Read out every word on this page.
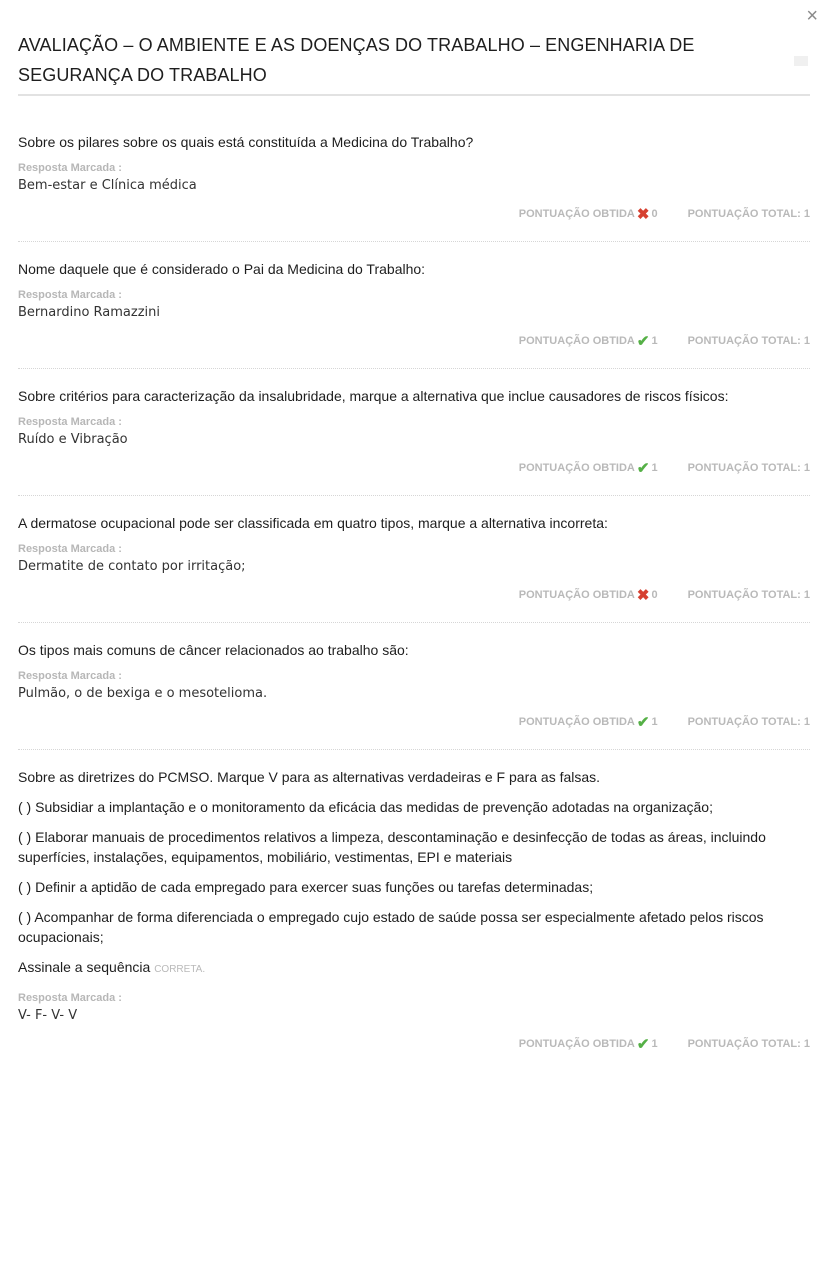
×
AVALIAÇÃO – O AMBIENTE E AS DOENÇAS DO TRABALHO – ENGENHARIA DE SEGURANÇA DO TRABALHO

Sobre os pilares sobre os quais está constituída a Medicina do Trabalho?

Resposta Marcada :
Bem-estar e Clínica médica
PONTUAÇÃO OBTIDA ✖ 0	PONTUAÇÃO TOTAL: 1

Nome daquele que é considerado o Pai da Medicina do Trabalho:

Resposta Marcada :
Bernardino Ramazzini
PONTUAÇÃO OBTIDA ✔ 1	PONTUAÇÃO TOTAL: 1

Sobre critérios para caracterização da insalubridade, marque a alternativa que inclue causadores de riscos físicos:

Resposta Marcada :
Ruído e Vibração
PONTUAÇÃO OBTIDA ✔ 1	PONTUAÇÃO TOTAL: 1

A dermatose ocupacional pode ser classificada em quatro tipos, marque a alternativa incorreta:

Resposta Marcada :
Dermatite de contato por irritação;
PONTUAÇÃO OBTIDA ✖ 0	PONTUAÇÃO TOTAL: 1

Os tipos mais comuns de câncer relacionados ao trabalho são:

Resposta Marcada :
Pulmão, o de bexiga e o mesotelioma.
PONTUAÇÃO OBTIDA ✔ 1	PONTUAÇÃO TOTAL: 1

Sobre as diretrizes do PCMSO. Marque V para as alternativas verdadeiras e F para as falsas.

( ) Subsidiar a implantação e o monitoramento da eficácia das medidas de prevenção adotadas na organização;

( ) Elaborar manuais de procedimentos relativos a limpeza, descontaminação e desinfecção de todas as áreas, incluindo superfícies, instalações, equipamentos, mobiliário, vestimentas, EPI e materiais

( ) Definir a aptidão de cada empregado para exercer suas funções ou tarefas determinadas;

( ) Acompanhar de forma diferenciada o empregado cujo estado de saúde possa ser especialmente afetado pelos riscos ocupacionais;

Assinale a sequência CORRETA.

Resposta Marcada :
V- F- V- V
PONTUAÇÃO OBTIDA ✔ 1	PONTUAÇÃO TOTAL: 1
